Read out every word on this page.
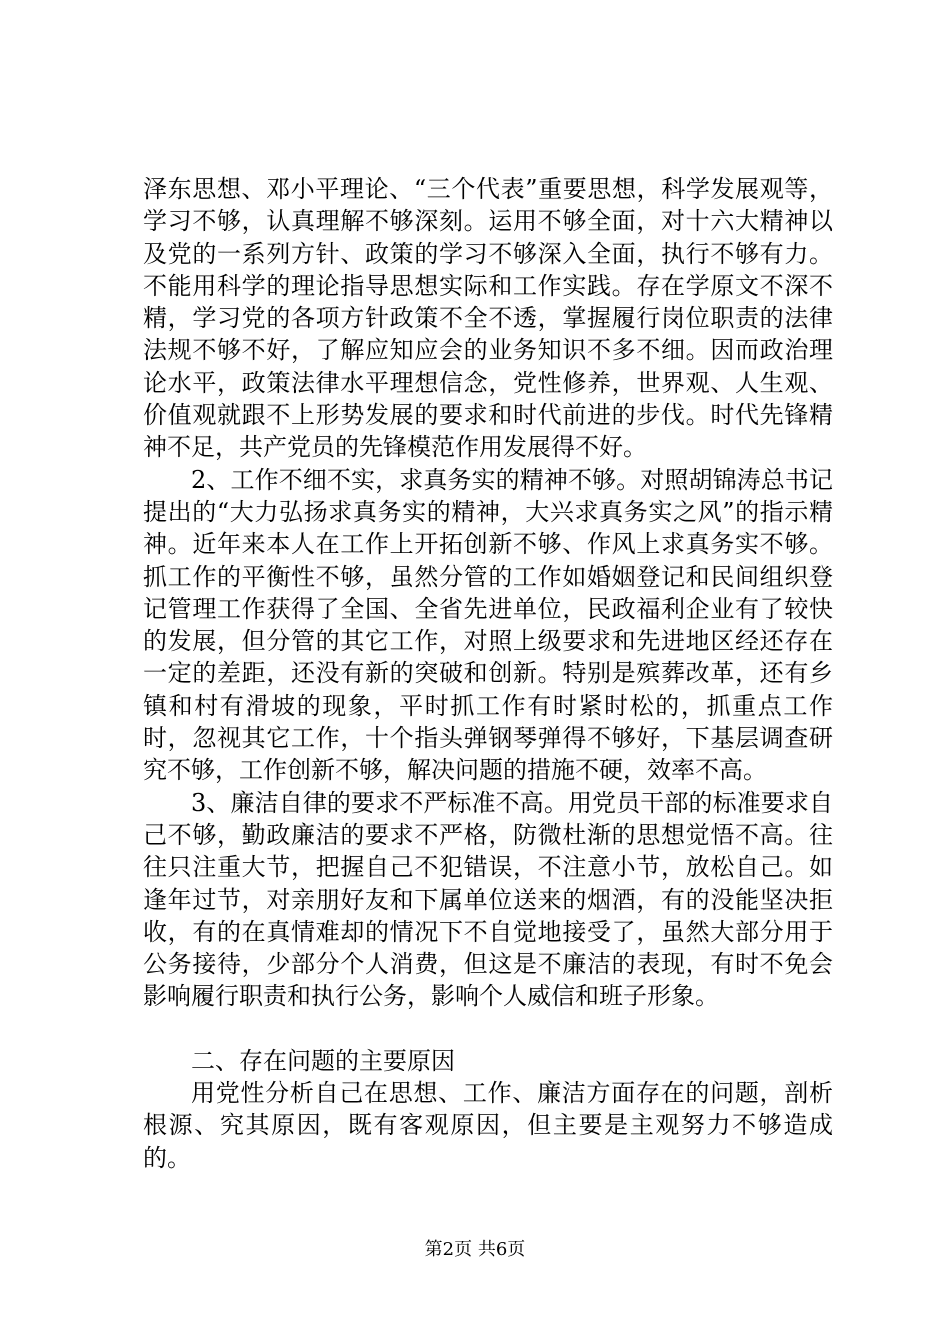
泽东思想、邓小平理论、“三个代表”重要思想，科学发展观等，学习不够，认真理解不够深刻。运用不够全面，对十六大精神以及党的一系列方针、政策的学习不够深入全面，执行不够有力。不能用科学的理论指导思想实际和工作实践。存在学原文不深不精，学习党的各项方针政策不全不透，掌握履行岗位职责的法律法规不够不好，了解应知应会的业务知识不多不细。因而政治理论水平，政策法律水平理想信念，党性修养，世界观、人生观、价值观就跟不上形势发展的要求和时代前进的步伐。时代先锋精神不足，共产党员的先锋模范作用发展得不好。

2、工作不细不实，求真务实的精神不够。对照胡锦涛总书记提出的“大力弘扬求真务实的精神，大兴求真务实之风”的指示精神。近年来本人在工作上开拓创新不够、作风上求真务实不够。抓工作的平衡性不够，虽然分管的工作如婚姻登记和民间组织登记管理工作获得了全国、全省先进单位，民政福利企业有了较快的发展，但分管的其它工作，对照上级要求和先进地区经还存在一定的差距，还没有新的突破和创新。特别是殡葬改革，还有乡镇和村有滑坡的现象，平时抓工作有时紧时松的，抓重点工作时，忽视其它工作，十个指头弹钢琴弹得不够好，下基层调查研究不够，工作创新不够，解决问题的措施不硬，效率不高。

3、廉洁自律的要求不严标准不高。用党员干部的标准要求自己不够，勤政廉洁的要求不严格，防微杜渐的思想觉悟不高。往往只注重大节，把握自己不犯错误，不注意小节，放松自己。如逢年过节，对亲朋好友和下属单位送来的烟酒，有的没能坚决拒收，有的在真情难却的情况下不自觉地接受了，虽然大部分用于公务接待，少部分个人消费，但这是不廉洁的表现，有时不免会影响履行职责和执行公务，影响个人威信和班子形象。

二、存在问题的主要原因

用党性分析自己在思想、工作、廉洁方面存在的问题，剖析根源、究其原因，既有客观原因，但主要是主观努力不够造成的。

第2页 共6页
